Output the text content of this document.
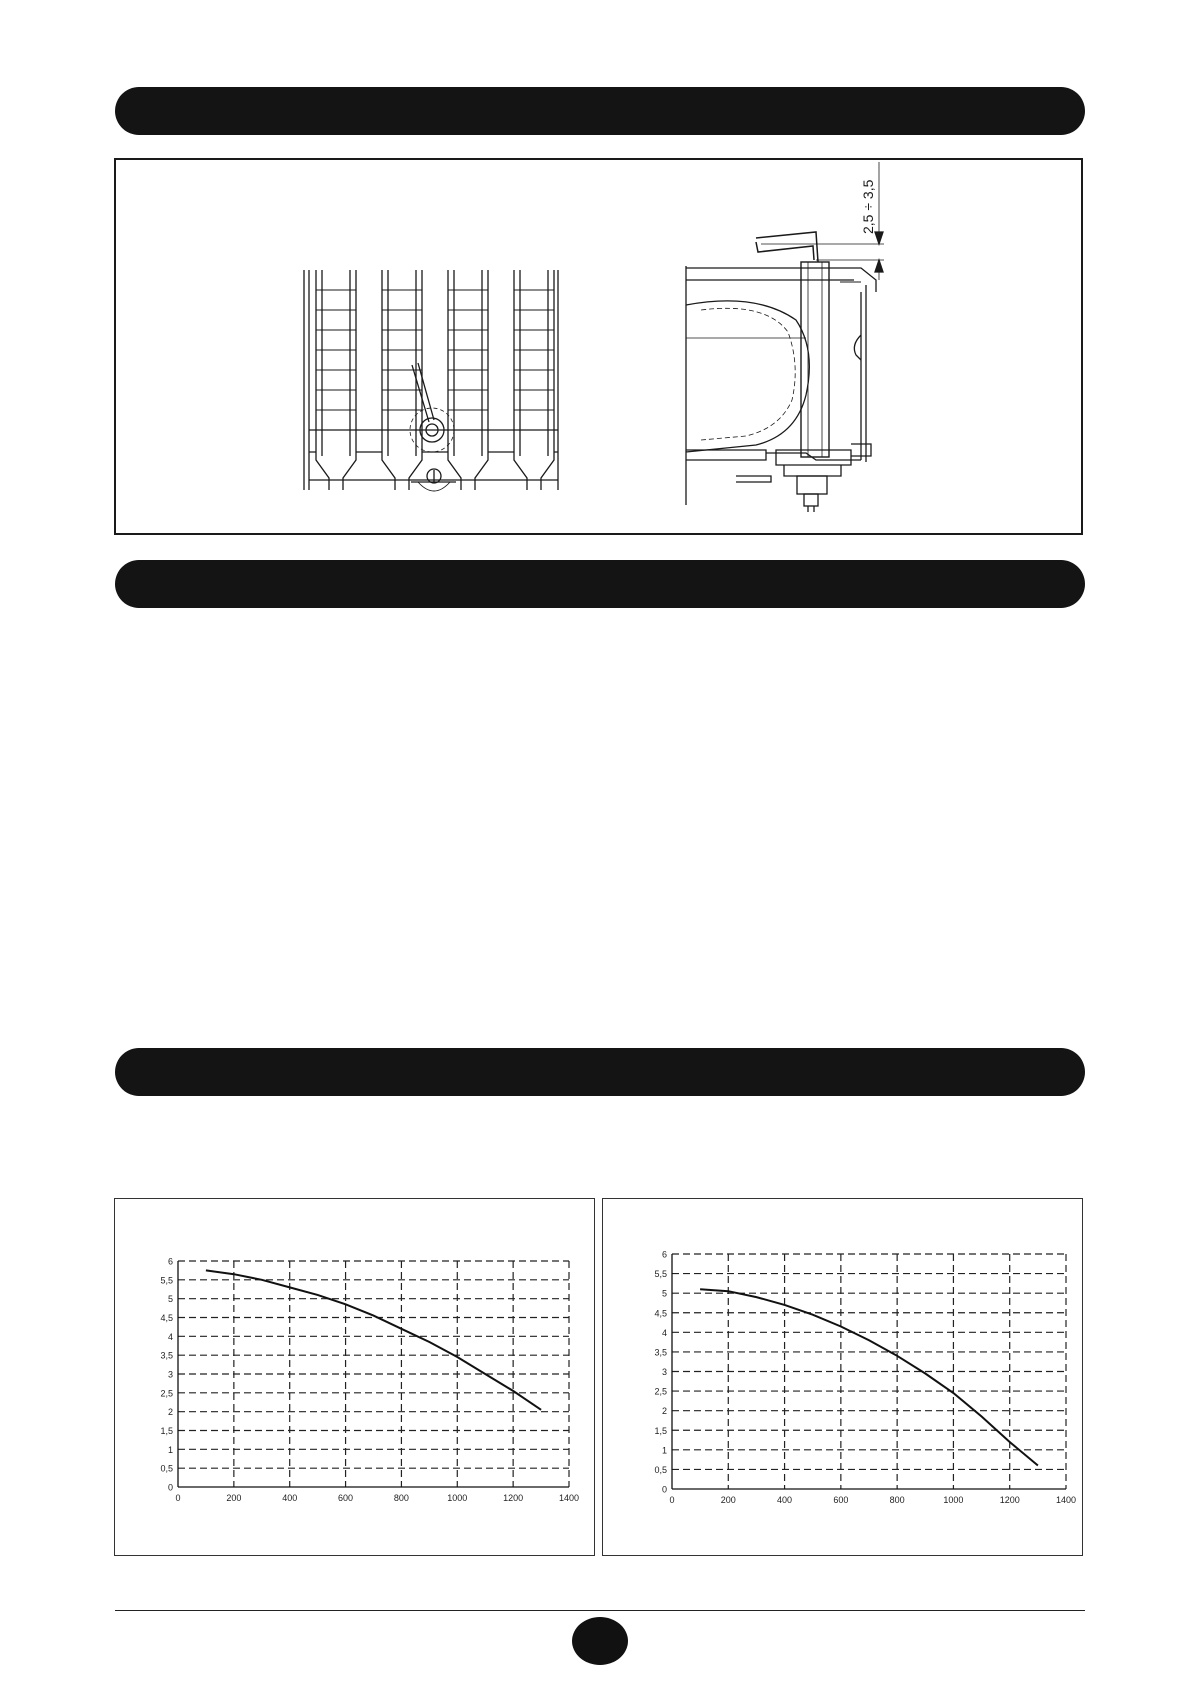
2,5 ÷ 3,5
0
0,5
1
1,5
2
2,5
3
3,5
4
4,5
5
5,5
6
0	200	400	600	800	1000	1200	1400
0
0,5
1
1,5
2
2,5
3
3,5
4
4,5
5
5,5
6
0	200	400	600	800	1000	1200	1400
